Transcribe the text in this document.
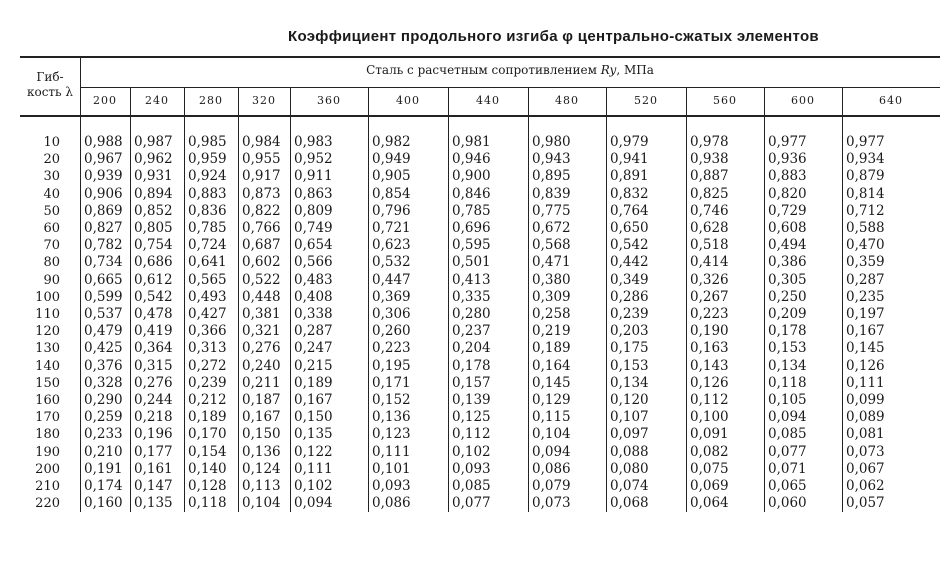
Коэффициент продольного изгиба φ центрально-сжатых элементов
Гиб-
кость λ
Сталь с расчетным сопротивлением Ry, МПа
200	240	280	320	360	400	440	480	520	560	600	640
10 0,988 0,987 0,985 0,984 0,983	0,982	0,981	0,980	0,979	0,978	0,977	0,977
20 0,967 0,962 0,959 0,955 0,952	0,949	0,946	0,943	0,941	0,938	0,936	0,934
30 0,939 0,931 0,924 0,917 0,911	0,905	0,900	0,895	0,891	0,887	0,883	0,879
40 0,906 0,894 0,883 0,873 0,863	0,854	0,846	0,839	0,832	0,825	0,820	0,814
50 0,869 0,852 0,836 0,822 0,809	0,796	0,785	0,775	0,764	0,746	0,729	0,712
60 0,827 0,805 0,785 0,766 0,749	0,721	0,696	0,672	0,650	0,628	0,608	0,588
70 0,782 0,754 0,724 0,687 0,654	0,623	0,595	0,568	0,542	0,518	0,494	0,470
80 0,734 0,686 0,641 0,602 0,566	0,532	0,501	0,471	0,442	0,414	0,386	0,359
90 0,665 0,612 0,565 0,522 0,483	0,447	0,413	0,380	0,349	0,326	0,305	0,287
100 0,599 0,542 0,493 0,448 0,408	0,369	0,335	0,309	0,286	0,267	0,250	0,235
110 0,537 0,478 0,427 0,381 0,338	0,306	0,280	0,258	0,239	0,223	0,209	0,197
120 0,479 0,419 0,366 0,321 0,287	0,260	0,237	0,219	0,203	0,190	0,178	0,167
130 0,425 0,364 0,313 0,276 0,247	0,223	0,204	0,189	0,175	0,163	0,153	0,145
140 0,376 0,315 0,272 0,240 0,215	0,195	0,178	0,164	0,153	0,143	0,134	0,126
150 0,328 0,276 0,239 0,211 0,189	0,171	0,157	0,145	0,134	0,126	0,118	0,111
160 0,290 0,244 0,212 0,187 0,167	0,152	0,139	0,129	0,120	0,112	0,105	0,099
170 0,259 0,218 0,189 0,167 0,150	0,136	0,125	0,115	0,107	0,100	0,094	0,089
180 0,233 0,196 0,170 0,150 0,135	0,123	0,112	0,104	0,097	0,091	0,085	0,081
190 0,210 0,177 0,154 0,136 0,122	0,111	0,102	0,094	0,088	0,082	0,077	0,073
200 0,191 0,161 0,140 0,124 0,111	0,101	0,093	0,086	0,080	0,075	0,071	0,067
210 0,174 0,147 0,128 0,113 0,102	0,093	0,085	0,079	0,074	0,069	0,065	0,062
220 0,160 0,135 0,118 0,104 0,094	0,086	0,077	0,073	0,068	0,064	0,060	0,057
